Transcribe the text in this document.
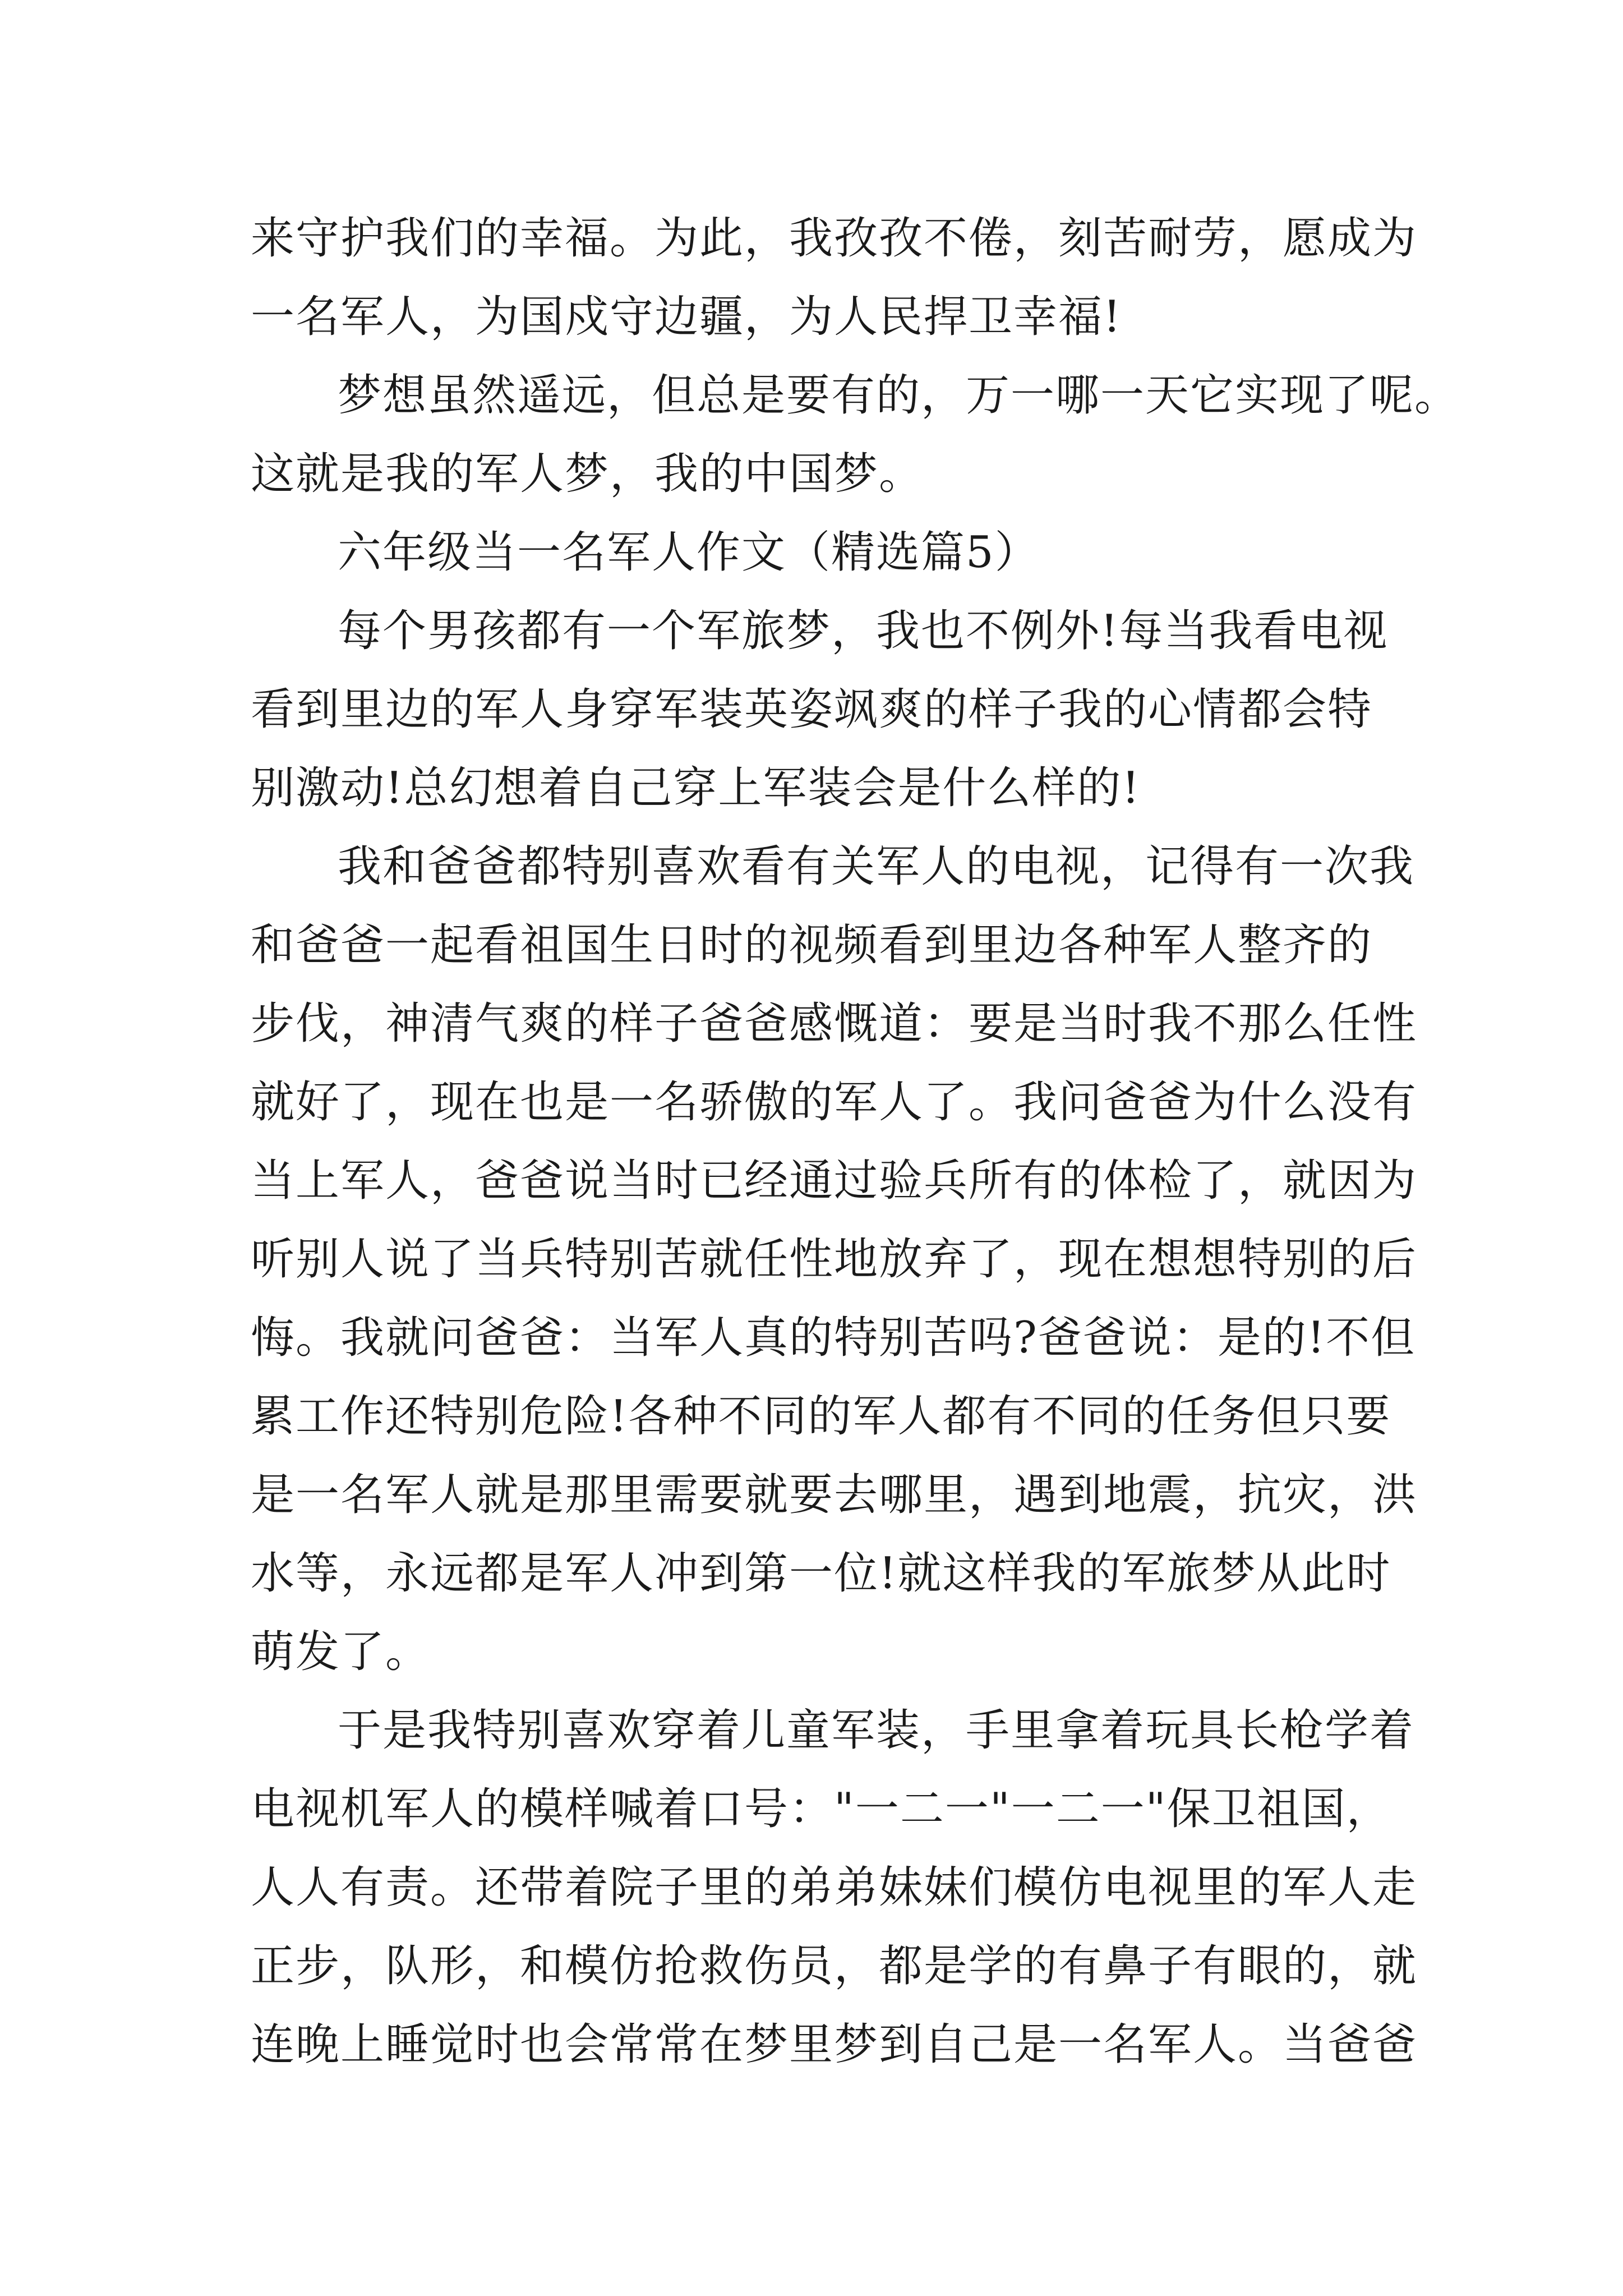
来守护我们的幸福。为此，我孜孜不倦，刻苦耐劳，愿成为

一名军人，为国戍守边疆，为人民捍卫幸福!

梦想虽然遥远，但总是要有的，万一哪一天它实现了呢。

这就是我的军人梦，我的中国梦。

六年级当一名军人作文（精选篇5）

每个男孩都有一个军旅梦，我也不例外!每当我看电视

看到里边的军人身穿军装英姿飒爽的样子我的心情都会特

别激动!总幻想着自己穿上军装会是什么样的!

我和爸爸都特别喜欢看有关军人的电视，记得有一次我

和爸爸一起看祖国生日时的视频看到里边各种军人整齐的

步伐，神清气爽的样子爸爸感慨道：要是当时我不那么任性

就好了，现在也是一名骄傲的军人了。我问爸爸为什么没有

当上军人，爸爸说当时已经通过验兵所有的体检了，就因为

听别人说了当兵特别苦就任性地放弃了，现在想想特别的后

悔。我就问爸爸：当军人真的特别苦吗?爸爸说：是的!不但

累工作还特别危险!各种不同的军人都有不同的任务但只要

是一名军人就是那里需要就要去哪里，遇到地震，抗灾，洪

水等，永远都是军人冲到第一位!就这样我的军旅梦从此时

萌发了。

于是我特别喜欢穿着儿童军装，手里拿着玩具长枪学着

电视机军人的模样喊着口号："一二一"一二一"保卫祖国，

人人有责。还带着院子里的弟弟妹妹们模仿电视里的军人走

正步，队形，和模仿抢救伤员，都是学的有鼻子有眼的，就

连晚上睡觉时也会常常在梦里梦到自己是一名军人。当爸爸
